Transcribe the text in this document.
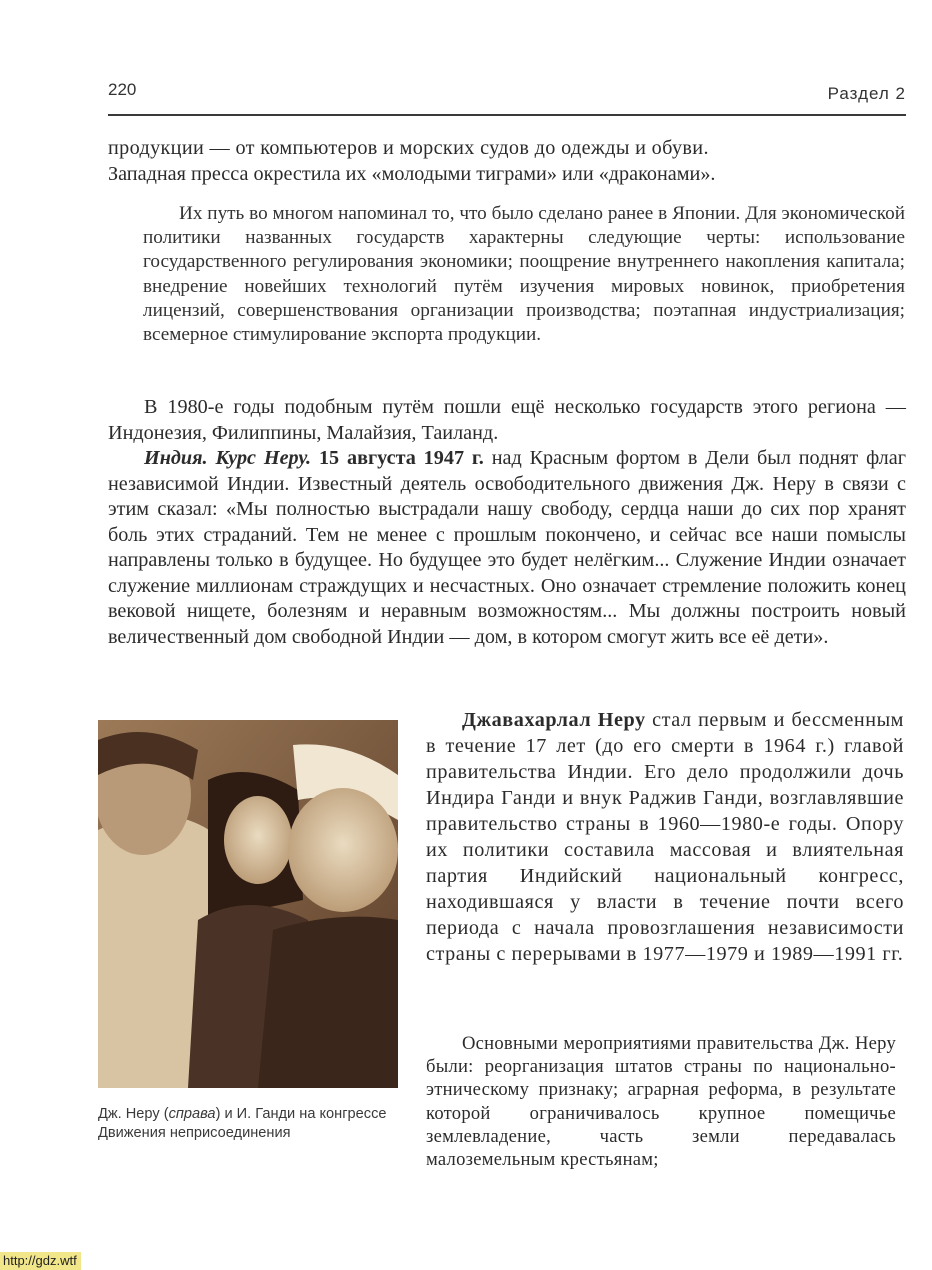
220	Раздел 2
продукции — от компьютеров и морских судов до одежды и обуви.
Западная пресса окрестила их «молодыми тиграми» или «драконами».
Их путь во многом напоминал то, что было сделано ранее в Японии. Для экономической политики названных государств характерны следующие черты: использование государственного регулирования экономики; поощрение внутреннего накопления капитала; внедрение новейших технологий путём изучения мировых новинок, приобретения лицензий, совершенствования организации производства; поэтапная индустриализация; всемерное стимулирование экспорта продукции.

В 1980-е годы подобным путём пошли ещё несколько государств этого региона — Индонезия, Филиппины, Малайзия, Таиланд.

Индия. Курс Неру. 15 августа 1947 г. над Красным фортом в Дели был поднят флаг независимой Индии. Известный деятель освободительного движения Дж. Неру в связи с этим сказал: «Мы полностью выстрадали нашу свободу, сердца наши до сих пор хранят боль этих страданий. Тем не менее с прошлым покончено, и сейчас все наши помыслы направлены только в будущее. Но будущее это будет нелёгким... Служение Индии означает служение миллионам страждущих и несчастных. Оно означает стремление положить конец вековой нищете, болезням и неравным возможностям... Мы должны построить новый величественный дом свободной Индии — дом, в котором смогут жить все её дети».

Дж. Неру (справа) и И. Ганди на конгрессе Движения неприсоединения
Джавахарлал Неру стал первым и бессменным в течение 17 лет (до его смерти в 1964 г.) главой правительства Индии. Его дело продолжили дочь Индира Ганди и внук Раджив Ганди, возглавлявшие правительство страны в 1960—1980-е годы. Опору их политики составила массовая и влиятельная партия Индийский национальный конгресс, находившаяся у власти в течение почти всего периода с начала провозглашения независимости страны с перерывами в 1977—1979 и 1989—1991 гг.
Основными мероприятиями правительства Дж. Неру были: реорганизация штатов страны по национально-этническому признаку; аграрная реформа, в результате которой ограничивалось крупное помещичье землевладение, часть земли передавалась малоземельным крестьянам;
http://gdz.wtf
